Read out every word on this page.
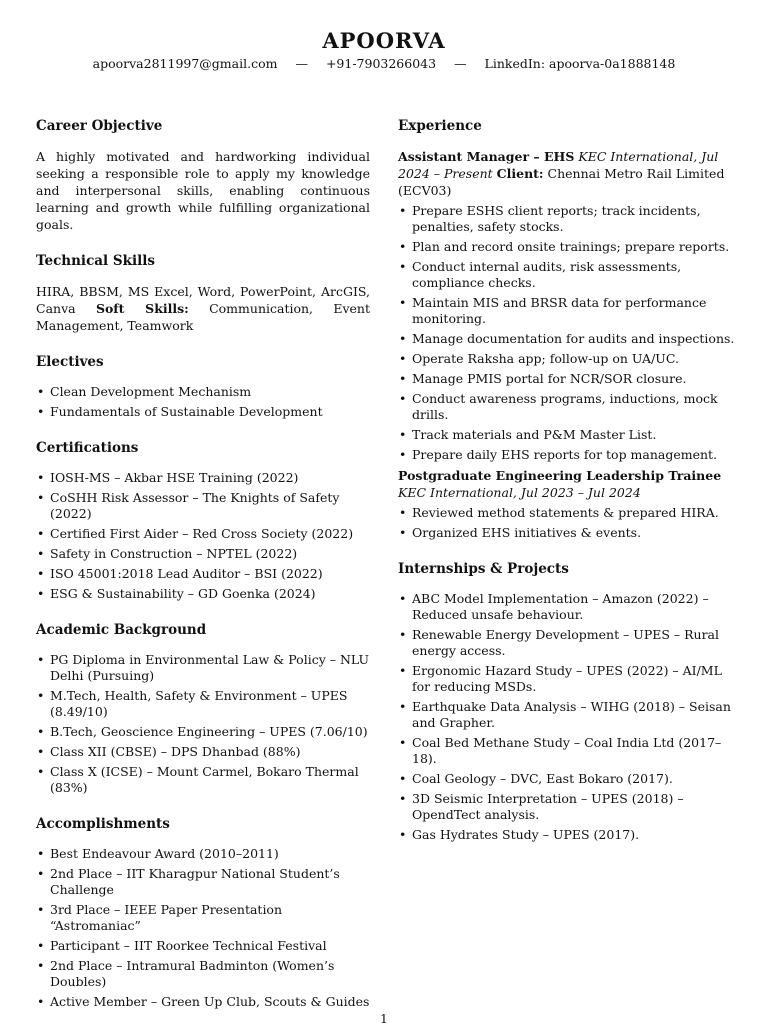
APOORVA
apoorva2811997@gmail.com — +91-7903266043 — LinkedIn: apoorva-0a1888148
Career Objective
A highly motivated and hardworking individual seeking a responsible role to apply my knowledge and interpersonal skills, enabling continuous learning and growth while fulfilling organizational goals.
Technical Skills
HIRA, BBSM, MS Excel, Word, PowerPoint, ArcGIS, Canva Soft Skills: Communication, Event Management, Teamwork
Electives
• Clean Development Mechanism
• Fundamentals of Sustainable Development
Certifications
• IOSH-MS – Akbar HSE Training (2022)
• CoSHH Risk Assessor – The Knights of Safety (2022)
• Certified First Aider – Red Cross Society (2022)
• Safety in Construction – NPTEL (2022)
• ISO 45001:2018 Lead Auditor – BSI (2022)
• ESG & Sustainability – GD Goenka (2024)
Academic Background
• PG Diploma in Environmental Law & Policy – NLU Delhi (Pursuing)
• M.Tech, Health, Safety & Environment – UPES (8.49/10)
• B.Tech, Geoscience Engineering – UPES (7.06/10)
• Class XII (CBSE) – DPS Dhanbad (88%)
• Class X (ICSE) – Mount Carmel, Bokaro Thermal (83%)
Accomplishments
• Best Endeavour Award (2010–2011)
• 2nd Place – IIT Kharagpur National Student’s Challenge
• 3rd Place – IEEE Paper Presentation “Astromaniac”
• Participant – IIT Roorkee Technical Festival
• 2nd Place – Intramural Badminton (Women’s Doubles)
• Active Member – Green Up Club, Scouts & Guides
Experience
Assistant Manager – EHS KEC International, Jul 2024 – Present Client: Chennai Metro Rail Limited (ECV03)
• Prepare ESHS client reports; track incidents, penalties, safety stocks.
• Plan and record onsite trainings; prepare reports.
• Conduct internal audits, risk assessments, compliance checks.
• Maintain MIS and BRSR data for performance monitoring.
• Manage documentation for audits and inspections.
• Operate Raksha app; follow-up on UA/UC.
• Manage PMIS portal for NCR/SOR closure.
• Conduct awareness programs, inductions, mock drills.
• Track materials and P&M Master List.
• Prepare daily EHS reports for top management.
Postgraduate Engineering Leadership Trainee
KEC International, Jul 2023 – Jul 2024
• Reviewed method statements & prepared HIRA.
• Organized EHS initiatives & events.
Internships & Projects
• ABC Model Implementation – Amazon (2022) – Reduced unsafe behaviour.
• Renewable Energy Development – UPES – Rural energy access.
• Ergonomic Hazard Study – UPES (2022) – AI/ML for reducing MSDs.
• Earthquake Data Analysis – WIHG (2018) – Seisan and Grapher.
• Coal Bed Methane Study – Coal India Ltd (2017–18).
• Coal Geology – DVC, East Bokaro (2017).
• 3D Seismic Interpretation – UPES (2018) – OpendTect analysis.
• Gas Hydrates Study – UPES (2017).
1
